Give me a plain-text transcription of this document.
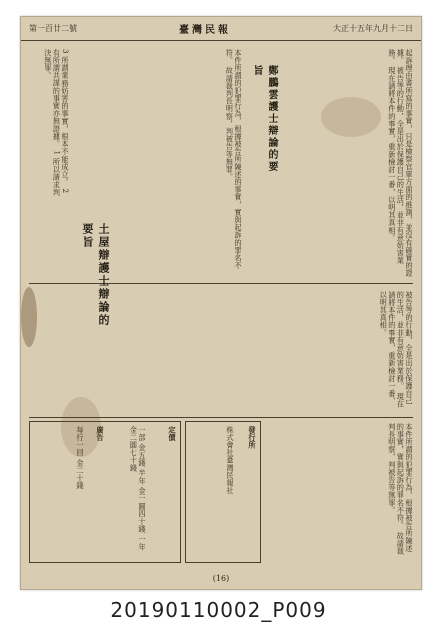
第一百廿二號	臺灣民報	大正十五年九月十二日
起訴理由書所寫的事實，只是檢察官單方面的推測，並沒有確實的證據。 被告等的行動，全是出於保護自己的生活，並非有意妨害業務。 現在請將本件的事實，重新檢討一番，以明其真相。
土屋辯護士辯論的要旨
鄭鵬雲護士辯論的要旨
3 所謂業務妨害的事實，根本不能成立。 2 有所謂共謀的事實亦無證據。 1 所以請求判決無罪。	本件所謂的犯罪行為，根據被告所陳述的事實，實與起訴的罪名不符。 故請裁判長明察，判被告等無罪。
被告等的行動，全是出於保護自己的生活，並非有意妨害業務。 現在請將本件的事實，重新檢討一番，以明其真相。
定價
一部 金五錢 半年 金一圓四十錢 一年 金二圓七十錢
廣告
每行一回 金二十錢	發行所
株式會社臺灣民報社	本件所謂的犯罪行為，根據被告所陳述的事實，實與起訴的罪名不符。 故請裁判長明察，判被告等無罪。
(16)
20190110002_P009
